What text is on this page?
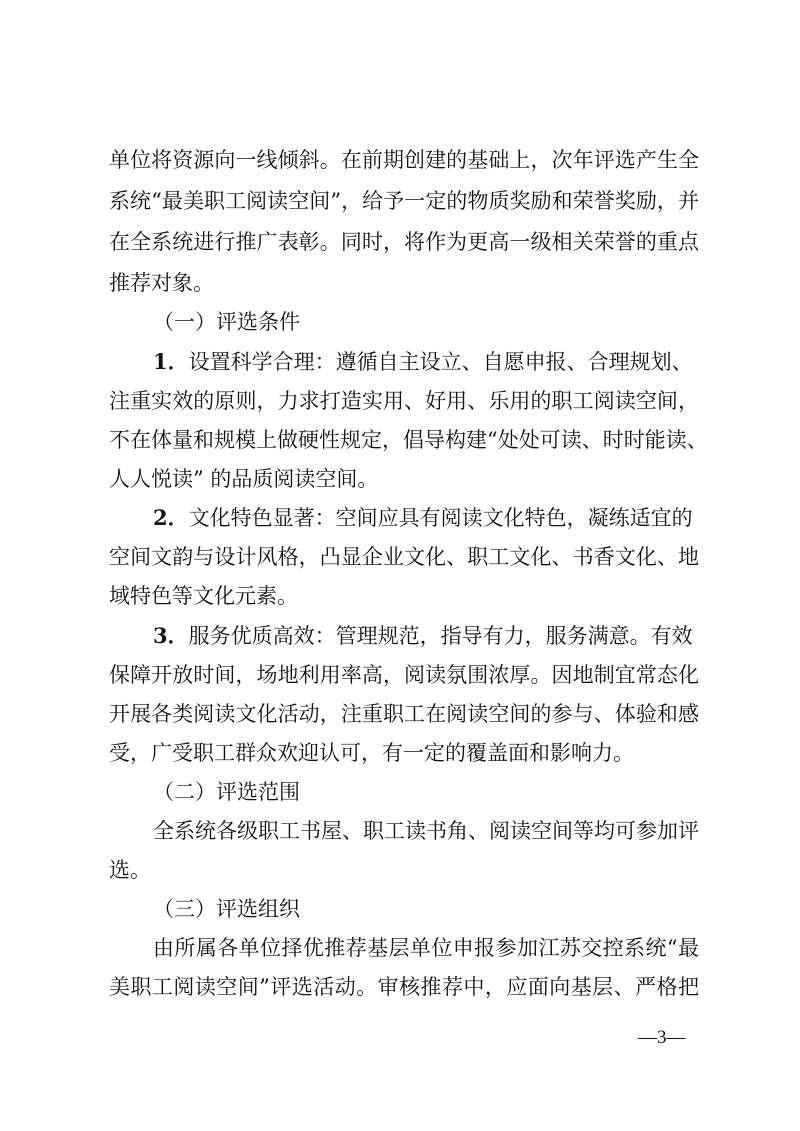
单位将资源向一线倾斜。在前期创建的基础上，次年评选产生全
系统“最美职工阅读空间”，给予一定的物质奖励和荣誉奖励，并
在全系统进行推广表彰。同时，将作为更高一级相关荣誉的重点
推荐对象。
（一）评选条件
1．设置科学合理：遵循自主设立、自愿申报、合理规划、
注重实效的原则，力求打造实用、好用、乐用的职工阅读空间，
不在体量和规模上做硬性规定，倡导构建“处处可读、时时能读、
人人悦读” 的品质阅读空间。
2．文化特色显著：空间应具有阅读文化特色，凝练适宜的
空间文韵与设计风格，凸显企业文化、职工文化、书香文化、地
域特色等文化元素。
3．服务优质高效：管理规范，指导有力，服务满意。有效
保障开放时间，场地利用率高，阅读氛围浓厚。因地制宜常态化
开展各类阅读文化活动，注重职工在阅读空间的参与、体验和感
受，广受职工群众欢迎认可，有一定的覆盖面和影响力。
（二）评选范围
全系统各级职工书屋、职工读书角、阅读空间等均可参加评
选。
（三）评选组织
由所属各单位择优推荐基层单位申报参加江苏交控系统“最
美职工阅读空间”评选活动。审核推荐中，应面向基层、严格把
—3—
